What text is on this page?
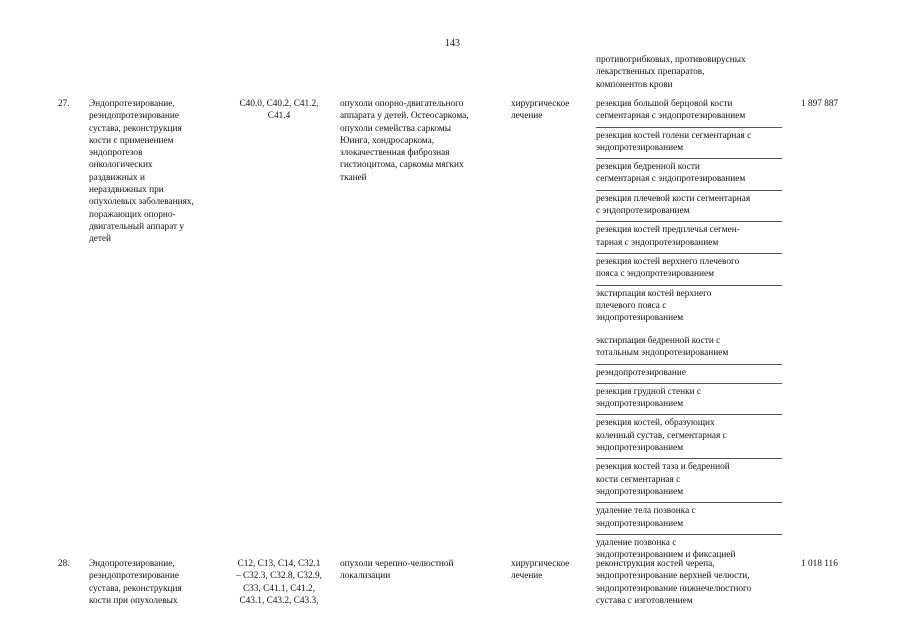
143
противогрибковых, противовирусных
лекарственных препаратов,
компонентов крови
27. Эндопротезирование,
реэндопротезирование
сустава, реконструкция
кости с применением
эндопротезов
онкологических
раздвижных и
нераздвижных при
опухолевых заболеваниях,
поражающих опорно-
двигательный аппарат у
детей
C40.0, C40.2, C41.2,
C41.4
опухоли опорно-двигательного
аппарата у детей. Остеосаркома,
опухоли семейства саркомы
Юинга, хондросаркома,
злокачественная фиброзная
гистиоцитома, саркомы мягких
тканей
хирургическое
лечение
1 897 887
резекция большой берцовой кости
сегментарная с эндопротезированием
резекция костей голени сегментарная с
эндопротезированием
резекция бедренной кости
сегментарная с эндопротезированием
резекция плечевой кости сегментарная
с эндопротезированием
резекция костей предплечья сегмен-
тарная с эндопротезированием
резекция костей верхнего плечевого
пояса с эндопротезированием
экстирпация костей верхнего
плечевого пояса с
эндопротезированием
экстирпация бедренной кости с
тотальным эндопротезированием
реэндопротезирование
резекция грудной стенки с
эндопротезированием
резекция костей, образующих
коленный сустав, сегментарная с
эндопротезированием
резекция костей таза и бедренной
кости сегментарная с
эндопротезированием
удаление тела позвонка с
эндопротезированием
удаление позвонка с
эндопротезированием и фиксацией
28. Эндопротезирование,
реэндопротезирование
сустава, реконструкция
кости при опухолевых
C12, C13, C14, C32.1
– C32.3, C32.8, C32.9,
C33, C41.1, C41.2,
C43.1, C43.2, C43.3,
опухоли черепно-челюстной
локализации
хирургическое
лечение
реконструкция костей черепа,
эндопротезирование верхней челюсти,
эндопротезирование нижнечелюстного
сустава с изготовлением
1 018 116
